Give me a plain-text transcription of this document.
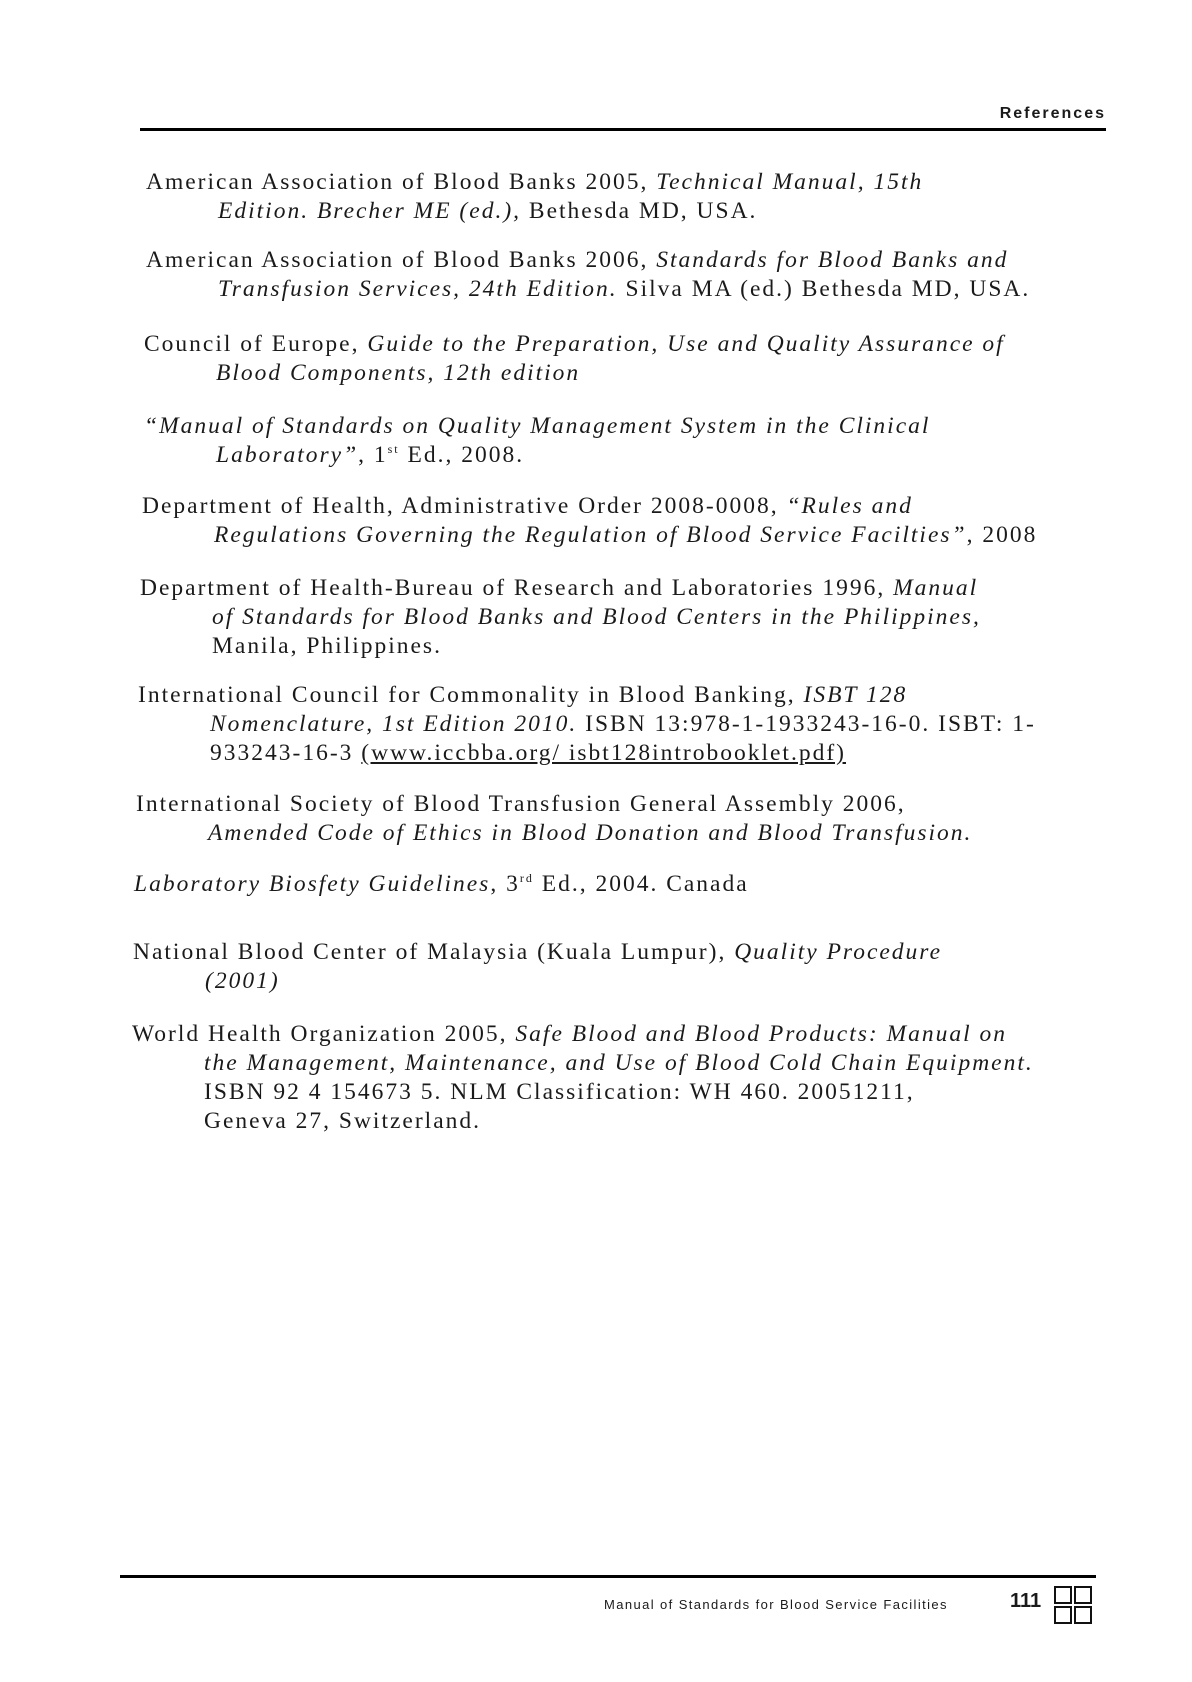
References
American Association of Blood Banks 2005, Technical Manual, 15th
Edition. Brecher ME (ed.), Bethesda MD, USA.
American Association of Blood Banks 2006, Standards for Blood Banks and
Transfusion Services, 24th Edition. Silva MA (ed.) Bethesda MD, USA.
Council of Europe, Guide to the Preparation, Use and Quality Assurance of
Blood Components, 12th edition
“Manual of Standards on Quality Management System in the Clinical
Laboratory”, 1st Ed., 2008.
Department of Health, Administrative Order 2008-0008, “Rules and
Regulations Governing the Regulation of Blood Service Facilties”, 2008
Department of Health-Bureau of Research and Laboratories 1996, Manual
of Standards for Blood Banks and Blood Centers in the Philippines,
Manila, Philippines.
International Council for Commonality in Blood Banking, ISBT 128
Nomenclature, 1st Edition 2010. ISBN 13:978-1-1933243-16-0. ISBT: 1-
933243-16-3 (www.iccbba.org/ isbt128introbooklet.pdf)
International Society of Blood Transfusion General Assembly 2006,
Amended Code of Ethics in Blood Donation and Blood Transfusion.
Laboratory Biosfety Guidelines, 3rd Ed., 2004. Canada
National Blood Center of Malaysia (Kuala Lumpur), Quality Procedure
(2001)
World Health Organization 2005, Safe Blood and Blood Products: Manual on
the Management, Maintenance, and Use of Blood Cold Chain Equipment.
ISBN 92 4 154673 5. NLM Classification: WH 460. 20051211,
Geneva 27, Switzerland.
Manual of Standards for Blood Service Facilities	111
